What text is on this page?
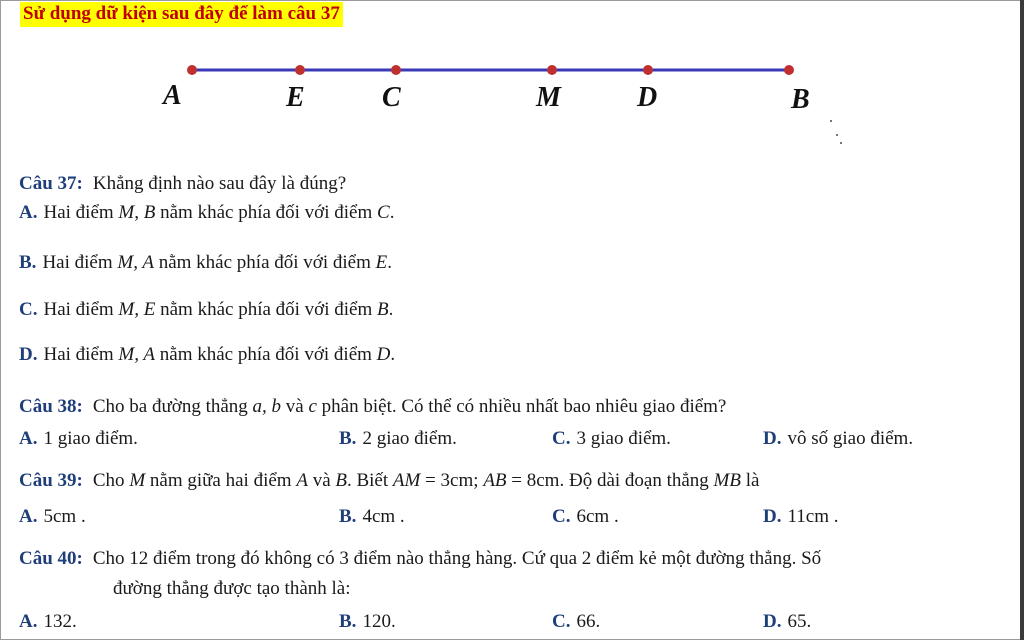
Sử dụng dữ kiện sau đây để làm câu 37
A	E	C	M	D	B
Câu 37: Khẳng định nào sau đây là đúng?
A. Hai điểm M, B nằm khác phía đối với điểm C.
B. Hai điểm M, A nằm khác phía đối với điểm E.
C. Hai điểm M, E nằm khác phía đối với điểm B.
D. Hai điểm M, A nằm khác phía đối với điểm D.
Câu 38: Cho ba đường thẳng a, b và c phân biệt. Có thể có nhiều nhất bao nhiêu giao điểm?
A. 1 giao điểm.	B. 2 giao điểm.	C. 3 giao điểm.	D. vô số giao điểm.
Câu 39: Cho M nằm giữa hai điểm A và B. Biết AM = 3cm; AB = 8cm. Độ dài đoạn thẳng MB là
A. 5cm .	B. 4cm .	C. 6cm .	D. 11cm .
Câu 40: Cho 12 điểm trong đó không có 3 điểm nào thẳng hàng. Cứ qua 2 điểm kẻ một đường thẳng. Số
đường thẳng được tạo thành là:
A. 132.	B. 120.	C. 66.	D. 65.
